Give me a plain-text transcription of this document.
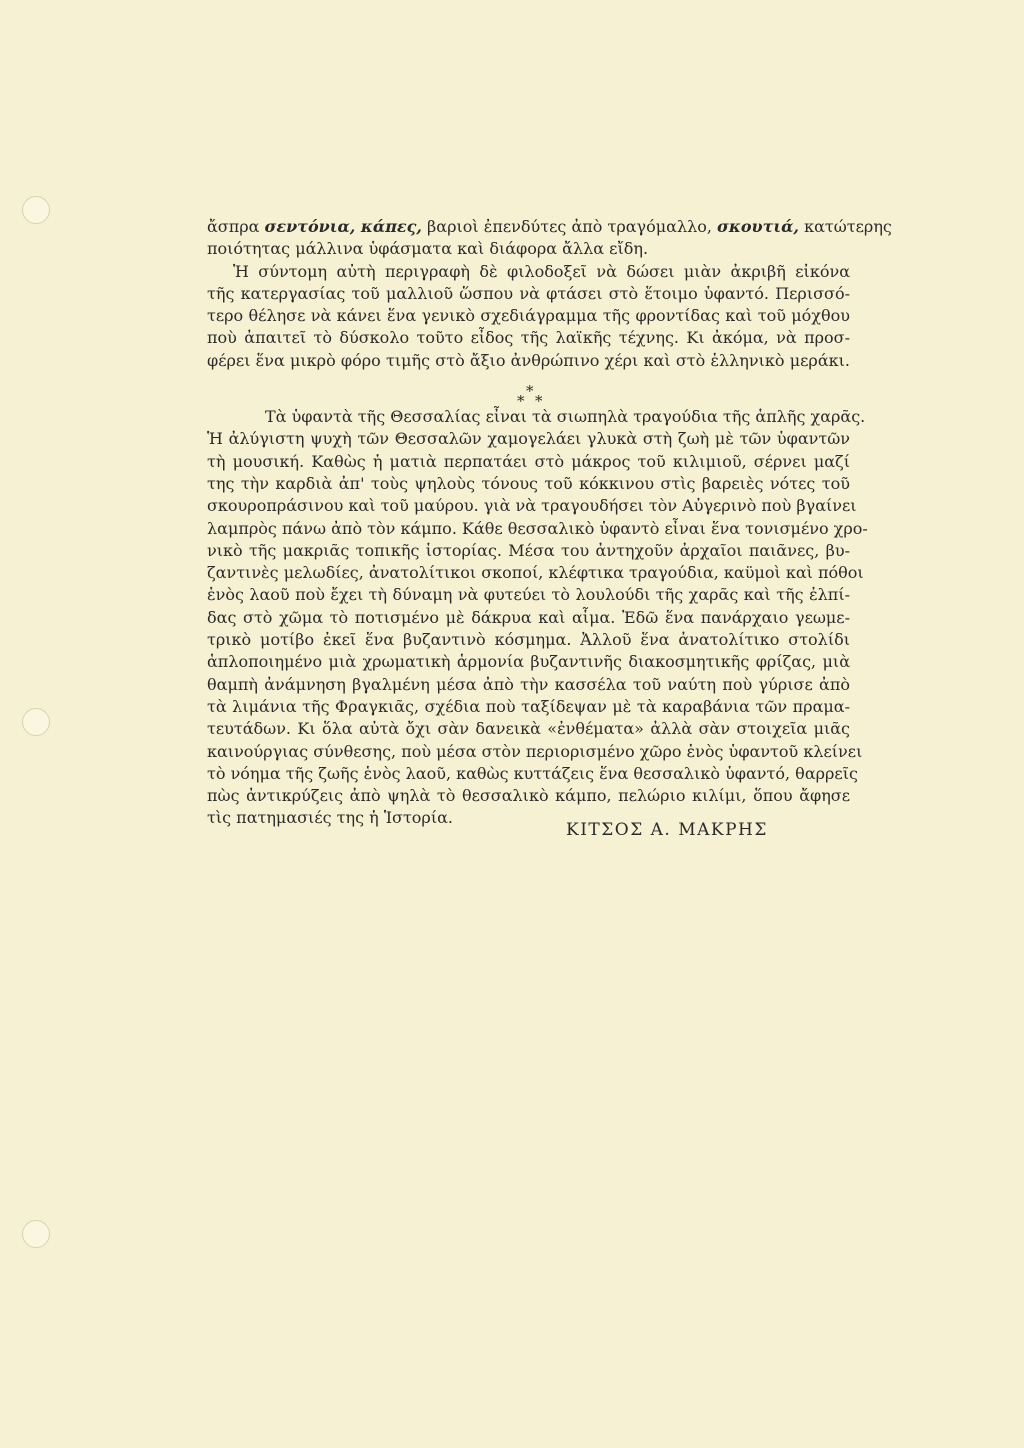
ἄσπρα σεντόνια, κάπες, βαριοὶ ἐπενδύτες ἀπὸ τραγόμαλλο, σκουτιά, κατώτερης
ποιότητας μάλλινα ὑφάσματα καὶ διάφορα ἄλλα εἴδη.
Ἡ σύντομη αὐτὴ περιγραφὴ δὲ φιλοδοξεῖ νὰ δώσει μιὰν ἀκριβῆ εἰκόνα
τῆς κατεργασίας τοῦ μαλλιοῦ ὥσπου νὰ φτάσει στὸ ἕτοιμο ὑφαντό. Περισσό-
τερο θέλησε νὰ κάνει ἕνα γενικὸ σχεδιάγραμμα τῆς φροντίδας καὶ τοῦ μόχθου
ποὺ ἀπαιτεῖ τὸ δύσκολο τοῦτο εἶδος τῆς λαϊκῆς τέχνης. Κι ἀκόμα, νὰ προσ-
φέρει ἕνα μικρὸ φόρο τιμῆς στὸ ἄξιο ἀνθρώπινο χέρι καὶ στὸ ἑλληνικὸ μεράκι.
*
* *
Τὰ ὑφαντὰ τῆς Θεσσαλίας εἶναι τὰ σιωπηλὰ τραγούδια τῆς ἁπλῆς χαρᾶς.
Ἡ ἀλύγιστη ψυχὴ τῶν Θεσσαλῶν χαμογελάει γλυκὰ στὴ ζωὴ μὲ τῶν ὑφαντῶν
τὴ μουσική. Καθὼς ἡ ματιὰ περπατάει στὸ μάκρος τοῦ κιλιμιοῦ, σέρνει μαζί
της τὴν καρδιὰ ἀπ' τοὺς ψηλοὺς τόνους τοῦ κόκκινου στὶς βαρειὲς νότες τοῦ
σκουροπράσινου καὶ τοῦ μαύρου. γιὰ νὰ τραγουδήσει τὸν Αὐγερινὸ ποὺ βγαίνει
λαμπρὸς πάνω ἀπὸ τὸν κάμπο. Κάθε θεσσαλικὸ ὑφαντὸ εἶναι ἕνα τονισμένο χρο-
νικὸ τῆς μακριᾶς τοπικῆς ἱστορίας. Μέσα του ἀντηχοῦν ἀρχαῖοι παιᾶνες, βυ-
ζαντινὲς μελωδίες, ἀνατολίτικοι σκοποί, κλέφτικα τραγούδια, καϋμοὶ καὶ πόθοι
ἑνὸς λαοῦ ποὺ ἔχει τὴ δύναμη νὰ φυτεύει τὸ λουλούδι τῆς χαρᾶς καὶ τῆς ἐλπί-
δας στὸ χῶμα τὸ ποτισμένο μὲ δάκρυα καὶ αἷμα. Ἐδῶ ἕνα πανάρχαιο γεωμε-
τρικὸ μοτίβο ἐκεῖ ἕνα βυζαντινὸ κόσμημα. Ἀλλοῦ ἕνα ἀνατολίτικο στολίδι
ἁπλοποιημένο μιὰ χρωματικὴ ἁρμονία βυζαντινῆς διακοσμητικῆς φρίζας, μιὰ
θαμπὴ ἀνάμνηση βγαλμένη μέσα ἀπὸ τὴν κασσέλα τοῦ ναύτη ποὺ γύρισε ἀπὸ
τὰ λιμάνια τῆς Φραγκιᾶς, σχέδια ποὺ ταξίδεψαν μὲ τὰ καραβάνια τῶν πραμα-
τευτάδων. Κι ὅλα αὐτὰ ὄχι σὰν δανεικὰ «ἐνθέματα» ἀλλὰ σὰν στοιχεῖα μιᾶς
καινούργιας σύνθεσης, ποὺ μέσα στὸν περιορισμένο χῶρο ἑνὸς ὑφαντοῦ κλείνει
τὸ νόημα τῆς ζωῆς ἑνὸς λαοῦ, καθὼς κυττάζεις ἕνα θεσσαλικὸ ὑφαντό, θαρρεῖς
πὼς ἀντικρύζεις ἀπὸ ψηλὰ τὸ θεσσαλικὸ κάμπο, πελώριο κιλίμι, ὅπου ἄφησε
τὶς πατημασιές της ἡ Ἱστορία.
ΚΙΤΣΟΣ Α. ΜΑΚΡΗΣ
